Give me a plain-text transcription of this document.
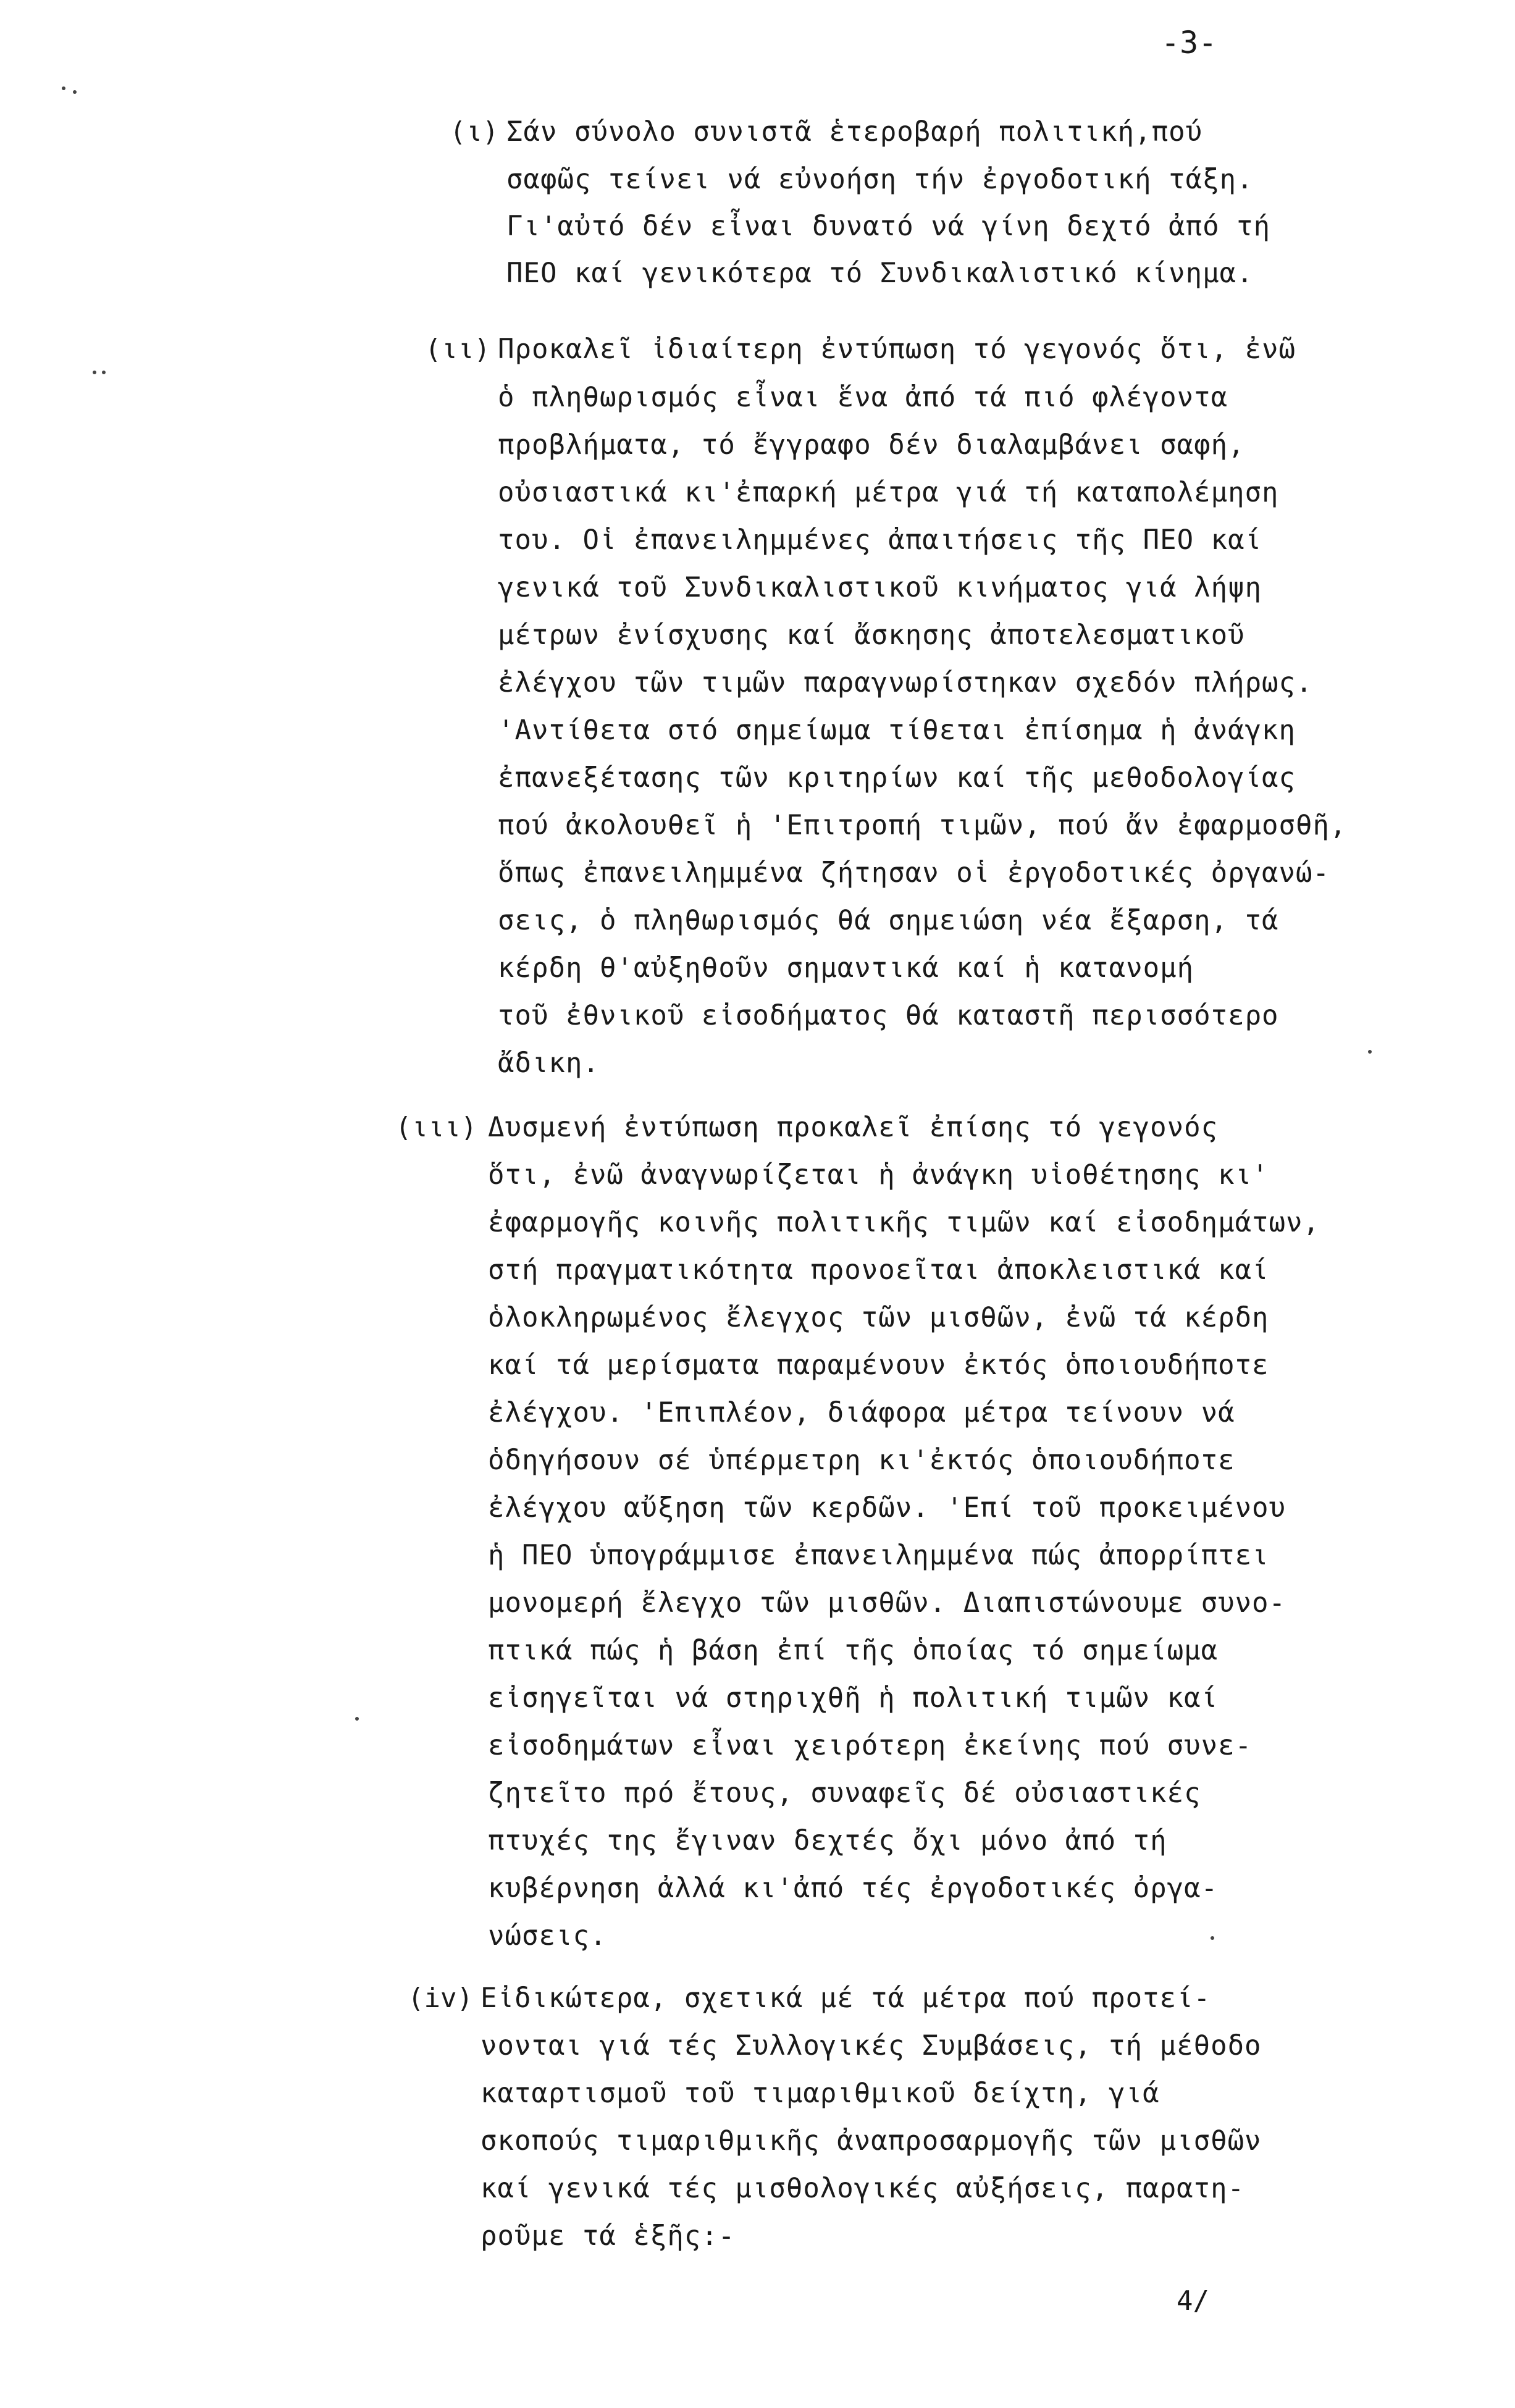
-3-
(ι) Σάν σύνολο συνιστᾶ ἑτεροβαρή πολιτική,πού
σαφῶς τείνει νά εὐνοήση τήν ἐργοδοτική τάξη.
Γι'αὐτό δέν εἶναι δυνατό νά γίνη δεχτό ἀπό τή
ΠΕΟ καί γενικότερα τό Συνδικαλιστικό κίνημα.
(ιι) Προκαλεῖ ἰδιαίτερη ἐντύπωση τό γεγονός ὅτι, ἐνῶ
ὁ πληθωρισμός εἶναι ἕνα ἀπό τά πιό φλέγοντα
προβλήματα, τό ἔγγραφο δέν διαλαμβάνει σαφή,
οὐσιαστικά κι'ἐπαρκή μέτρα γιά τή καταπολέμηση
του. Οἱ ἐπανειλημμένες ἀπαιτήσεις τῆς ΠΕΟ καί
γενικά τοῦ Συνδικαλιστικοῦ κινήματος γιά λήψη
μέτρων ἐνίσχυσης καί ἄσκησης ἀποτελεσματικοῦ
ἐλέγχου τῶν τιμῶν παραγνωρίστηκαν σχεδόν πλήρως.
'Αντίθετα στό σημείωμα τίθεται ἐπίσημα ἡ ἀνάγκη
ἐπανεξέτασης τῶν κριτηρίων καί τῆς μεθοδολογίας
πού ἀκολουθεῖ ἡ 'Επιτροπή τιμῶν, πού ἄν ἐφαρμοσθῆ,
ὅπως ἐπανειλημμένα ζήτησαν οἱ ἐργοδοτικές ὀργανώ-
σεις, ὁ πληθωρισμός θά σημειώση νέα ἔξαρση, τά
κέρδη θ'αὐξηθοῦν σημαντικά καί ἡ κατανομή
τοῦ ἐθνικοῦ εἰσοδήματος θά καταστῆ περισσότερο
ἄδικη.
(ιιι) Δυσμενή ἐντύπωση προκαλεῖ ἐπίσης τό γεγονός
ὅτι, ἐνῶ ἀναγνωρίζεται ἡ ἀνάγκη υἱοθέτησης κι'
ἐφαρμογῆς κοινῆς πολιτικῆς τιμῶν καί εἰσοδημάτων,
στή πραγματικότητα προνοεῖται ἀποκλειστικά καί
ὁλοκληρωμένος ἔλεγχος τῶν μισθῶν, ἐνῶ τά κέρδη
καί τά μερίσματα παραμένουν ἐκτός ὁποιουδήποτε
ἐλέγχου. 'Επιπλέον, διάφορα μέτρα τείνουν νά
ὁδηγήσουν σέ ὑπέρμετρη κι'ἐκτός ὁποιουδήποτε
ἐλέγχου αὔξηση τῶν κερδῶν. 'Επί τοῦ προκειμένου
ἡ ΠΕΟ ὑπογράμμισε ἐπανειλημμένα πώς ἀπορρίπτει
μονομερή ἔλεγχο τῶν μισθῶν. Διαπιστώνουμε συνο-
πτικά πώς ἡ βάση ἐπί τῆς ὁποίας τό σημείωμα
εἰσηγεῖται νά στηριχθῆ ἡ πολιτική τιμῶν καί
εἰσοδημάτων εἶναι χειρότερη ἐκείνης πού συνε-
ζητεῖτο πρό ἔτους, συναφεῖς δέ οὐσιαστικές
πτυχές της ἔγιναν δεχτές ὄχι μόνο ἀπό τή
κυβέρνηση ἀλλά κι'ἀπό τές ἐργοδοτικές ὀργα-
νώσεις.
(iv) Εἰδικώτερα, σχετικά μέ τά μέτρα πού προτεί-
νονται γιά τές Συλλογικές Συμβάσεις, τή μέθοδο
καταρτισμοῦ τοῦ τιμαριθμικοῦ δείχτη, γιά
σκοπούς τιμαριθμικῆς ἀναπροσαρμογῆς τῶν μισθῶν
καί γενικά τές μισθολογικές αὐξήσεις, παρατη-
ροῦμε τά ἑξῆς:-
4/
